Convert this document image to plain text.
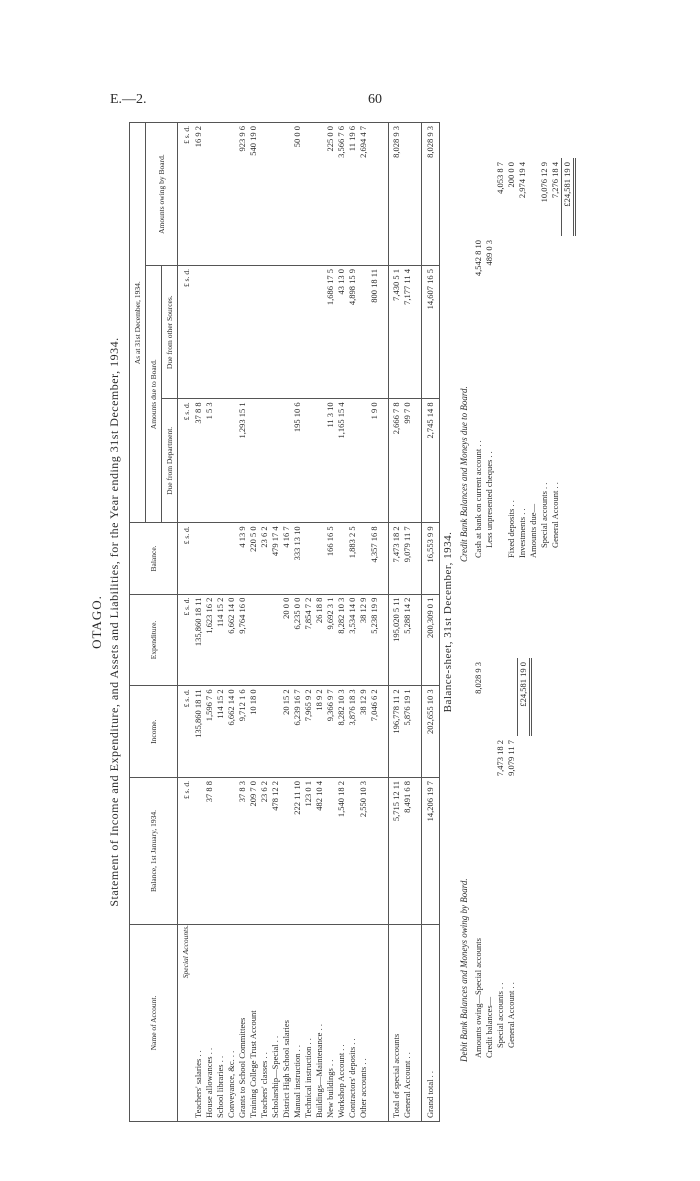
E.—2.	60
OTAGO. Statement of Income and Expenditure, and Assets and Liabilities, for the Year ending 31st December, 1934.
Name of Account.	Balance, 1st January, 1934.	Income.	Expenditure.	Balance.	As at 31st December, 1934.		
					Amounts due to Board.		Amounts owing by Board.
					Due from Department.	Due from other Sources.	
Special Accounts.	£ s. d.	£ s. d.	£ s. d.	£ s. d.	£ s. d.	£ s. d.	£ s. d.
Teachers' salaries . .		135,860 18 11	135,860 18 11		37 8 8		16 9 2
House allowances . .	37 8 8	1,596 7 6	1,623 16 2		1 5 3		
School libraries . .		114 15 2	114 15 2				
Conveyance, &c. . .		6,662 14 0	6,662 14 0				
Grants to School Committees	37 8 3	9,712 1 6	9,764 16 0	4 13 9	1,293 15 1		923 9 6
Training College Trust Account	209 7 0	10 18 0		220 5 0			540 19 0
Teachers' classes . .	23 6 2			23 6 2			
Scholarship—Special . .	478 12 2			479 17 4			
District High School salaries		20 15 2	20 0 0	4 16 7			
Manual instruction . .	222 11 10	6,239 16 7	6,235 0 0	333 13 10	195 10 6		50 0 0
Technical instruction . .	123 0 1	7,965 9 2	7,854 7 2				
Buildings—Maintenance . .	482 10 4	18 9 2	26 18 8				
New buildings . .		9,366 9 7	9,692 3 1	166 16 5	11 3 10	1,686 17 5	225 0 0
Workshop Account . .	1,540 18 2	8,282 10 3	8,282 10 3		1,165 15 4	43 13 0	3,566 7 6
Contractors' deposits . .		3,876 18 3	3,534 14 0	1,883 2 5		4,898 15 9	11 19 6
Other accounts . .	2,550 10 3	38 12 9	38 12 9				2,694 4 7
		7,046 6 2	5,238 19 9	4,357 16 8	1 9 0	800 18 11	

Total of special accounts	5,715 12 11	196,778 11 2	195,020 5 11	7,473 18 2	2,666 7 8	7,430 5 1	8,028 9 3
General Account . .	8,491 6 8	5,876 19 1	5,288 14 2	9,079 11 7	99 7 0	7,177 11 4	

Grand total . .	14,206 19 7	202,655 10 3	200,309 0 1	16,553 9 9	2,745 14 8	14,607 16 5	8,028 9 3
Balance-sheet, 31st December, 1934.
Debit Bank Balances and Moneys owing by Board.
Credit Bank Balances and Moneys due to Board.
Amounts owing—Special accounts		8,028 9 3
Credit balances—		
Special accounts . .	7,473 18 2	
General Account . .	9,079 11 7	
		£24,581 19 0
Cash at bank on current account . .	4,542 8 10	
Less unpresented cheques . .	489 0 3	
		4,053 8 7
Fixed deposits . .		200 0 0
Investments . .		2,974 19 4
Amounts due—		
Special accounts . .		10,076 12 9
General Account . .		7,276 18 4
		£24,581 19 0
